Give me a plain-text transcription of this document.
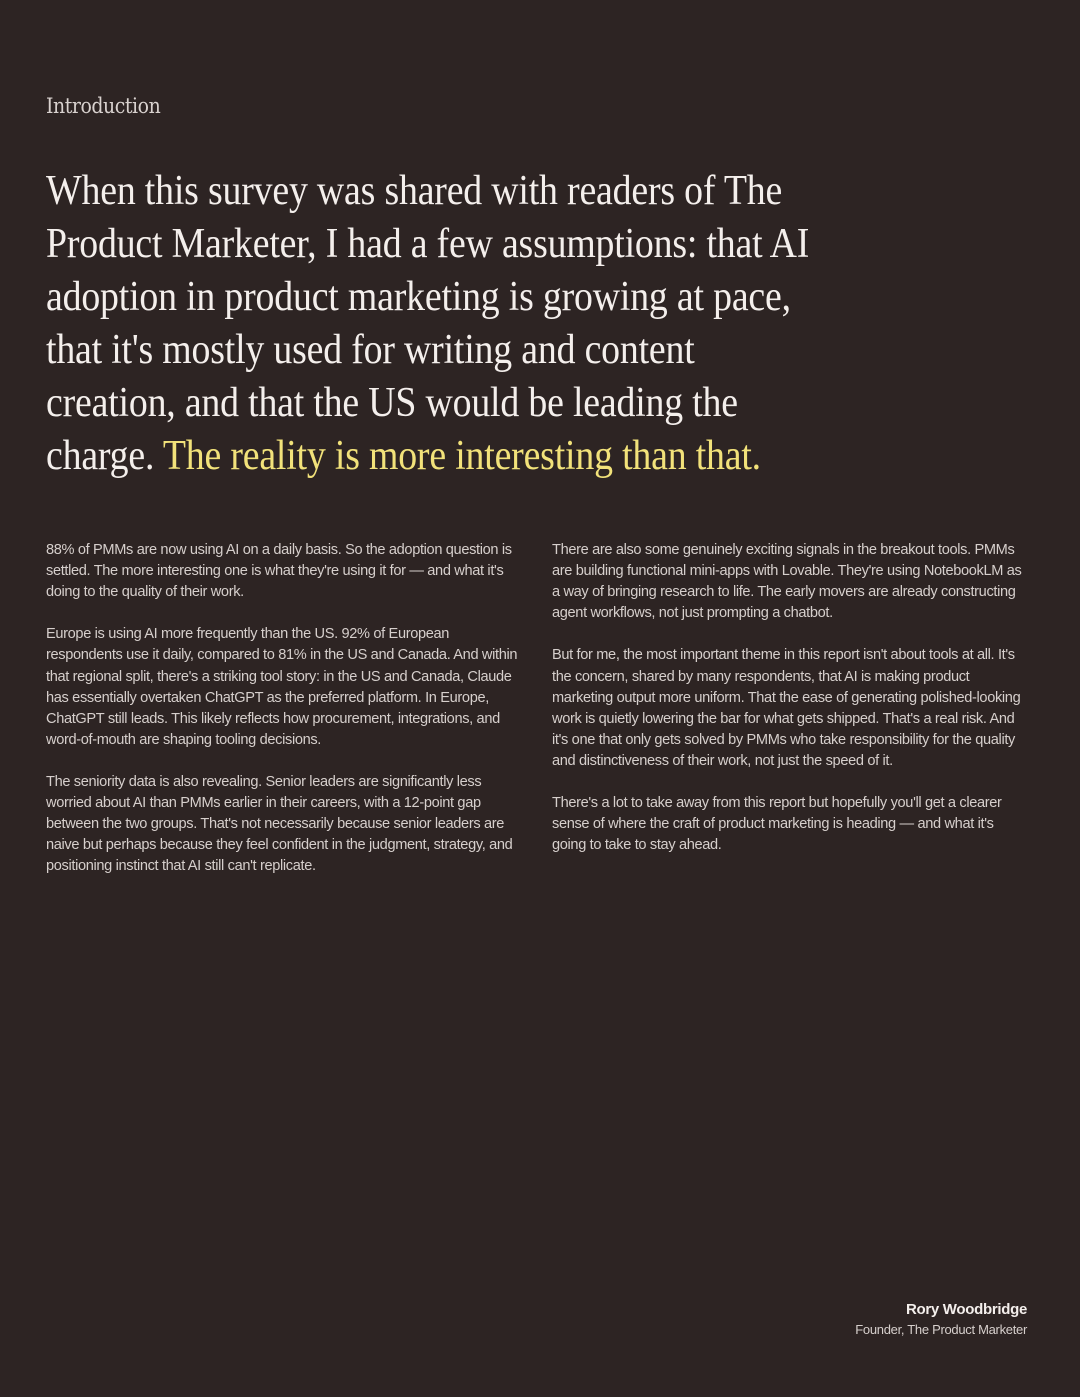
Introduction
When this survey was shared with readers of The Product Marketer, I had a few assumptions: that AI adoption in product marketing is growing at pace, that it's mostly used for writing and content creation, and that the US would be leading the charge. The reality is more interesting than that.

88% of PMMs are now using AI on a daily basis. So the adoption question is settled. The more interesting one is what they're using it for — and what it's doing to the quality of their work.

Europe is using AI more frequently than the US. 92% of European respondents use it daily, compared to 81% in the US and Canada. And within that regional split, there's a striking tool story: in the US and Canada, Claude has essentially overtaken ChatGPT as the preferred platform. In Europe, ChatGPT still leads. This likely reflects how procurement, integrations, and word-of-mouth are shaping tooling decisions.

The seniority data is also revealing. Senior leaders are significantly less worried about AI than PMMs earlier in their careers, with a 12-point gap between the two groups. That's not necessarily because senior leaders are naive but perhaps because they feel confident in the judgment, strategy, and positioning instinct that AI still can't replicate.

There are also some genuinely exciting signals in the breakout tools. PMMs are building functional mini-apps with Lovable. They're using NotebookLM as a way of bringing research to life. The early movers are already constructing agent workflows, not just prompting a chatbot.

But for me, the most important theme in this report isn't about tools at all. It's the concern, shared by many respondents, that AI is making product marketing output more uniform. That the ease of generating polished-looking work is quietly lowering the bar for what gets shipped. That's a real risk. And it's one that only gets solved by PMMs who take responsibility for the quality and distinctiveness of their work, not just the speed of it.

There's a lot to take away from this report but hopefully you'll get a clearer sense of where the craft of product marketing is heading — and what it's going to take to stay ahead.

Rory Woodbridge
Founder, The Product Marketer
